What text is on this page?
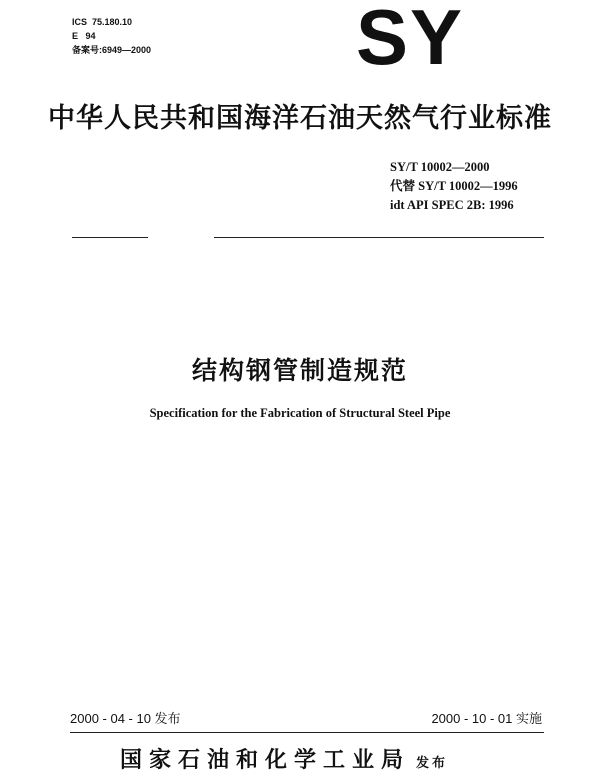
ICS  75.180.10
E   94
备案号:6949—2000	SY
中华人民共和国海洋石油天然气行业标准
SY/T 10002—2000
代替 SY/T 10002—1996
idt API SPEC 2B: 1996
结构钢管制造规范
Specification for the Fabrication of Structural Steel Pipe
2000 - 04 - 10 发布	2000 - 10 - 01 实施
国家石油和化学工业局 发布
